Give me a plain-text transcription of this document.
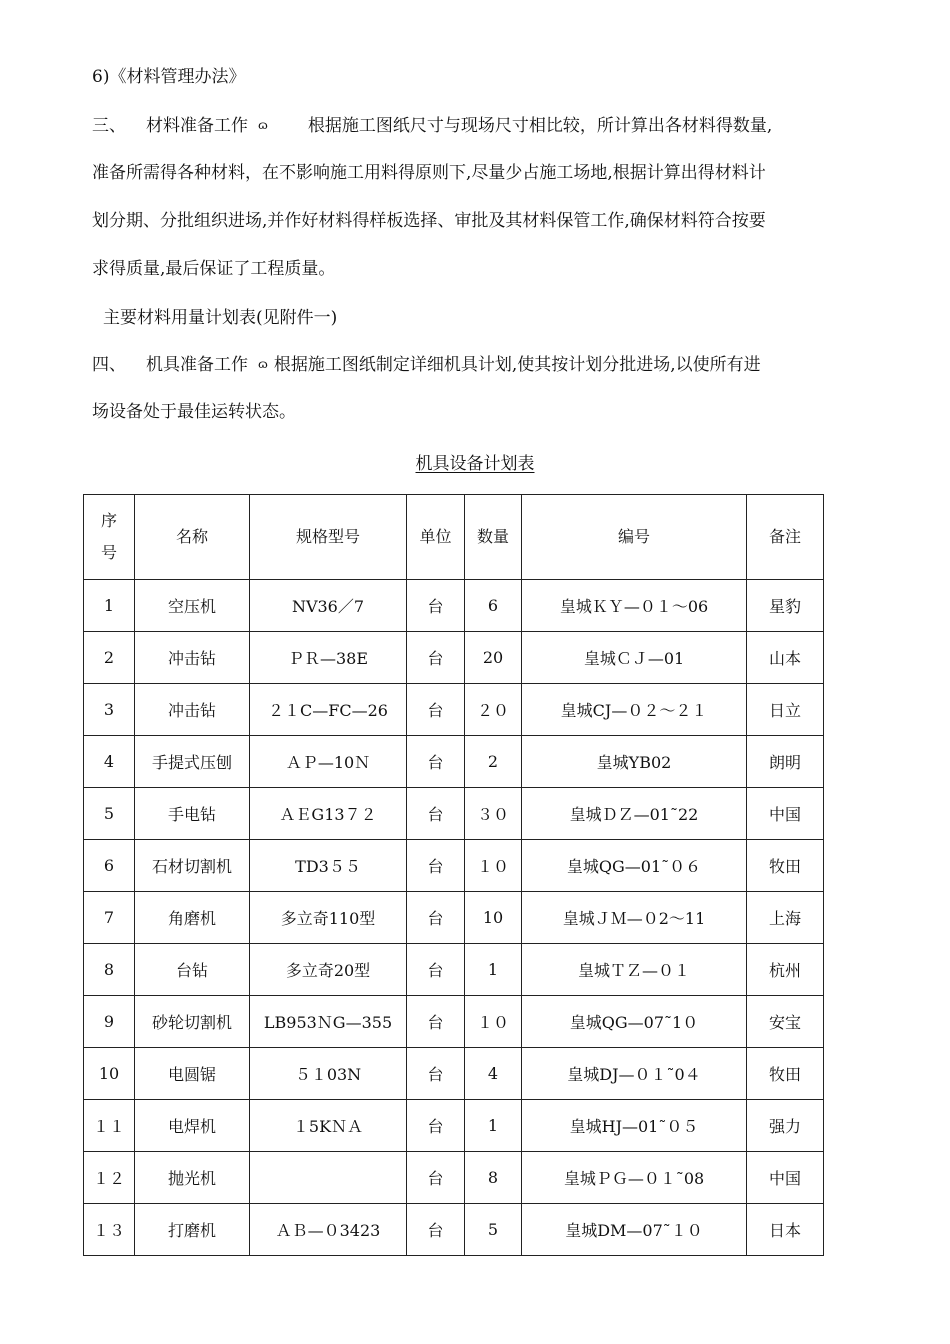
6)《材料管理办法》
三、 材料准备工作 ɷ 根据施工图纸尺寸与现场尺寸相比较，所计算出各材料得数量,
准备所需得各种材料，在不影响施工用料得原则下,尽量少占施工场地,根据计算出得材料计
划分期、分批组织进场,并作好材料得样板选择、审批及其材料保管工作,确保材料符合按要
求得质量,最后保证了工程质量。
主要材料用量计划表(见附件一)
四、 机具准备工作 ɷ 根据施工图纸制定详细机具计划,使其按计划分批进场,以使所有进
场设备处于最佳运转状态。
机具设备计划表
序
号	名称	规格型号	单位	数量	编号	备注
1	空压机	NV36／7	台	6	皇城ＫＹ—０１～06	星豹
2	冲击钻	ＰＲ—38E	台	20	皇城ＣＪ—01	山本
3	冲击钻	２１C—FC—26	台	２０	皇城CJ—０２～２１	日立
4	手提式压刨	ＡＰ—10Ｎ	台	2	皇城YB02	朗明
5	手电钻	ＡＥG13７２	台	３０	皇城ＤＺ—01˜22	中国
6	石材切割机	TD3５５	台	１０	皇城QG—01˜０６	牧田
7	角磨机	多立奇110型	台	10	皇城ＪＭ—０2～11	上海
8	台钻	多立奇20型	台	1	皇城ＴＺ—０１	杭州
9	砂轮切割机	LB953ＮG—355	台	１０	皇城QG—07˜1０	安宝
10	电圆锯	５１03N	台	4	皇城DJ—０１˜0４	牧田
１１	电焊机	１5KＮＡ	台	1	皇城HJ—01˜０５	强力
１２	抛光机		台	8	皇城ＰＧ—０１˜08	中国
１３	打磨机	ＡＢ—０3423	台	5	皇城DM—07˜１０	日本
